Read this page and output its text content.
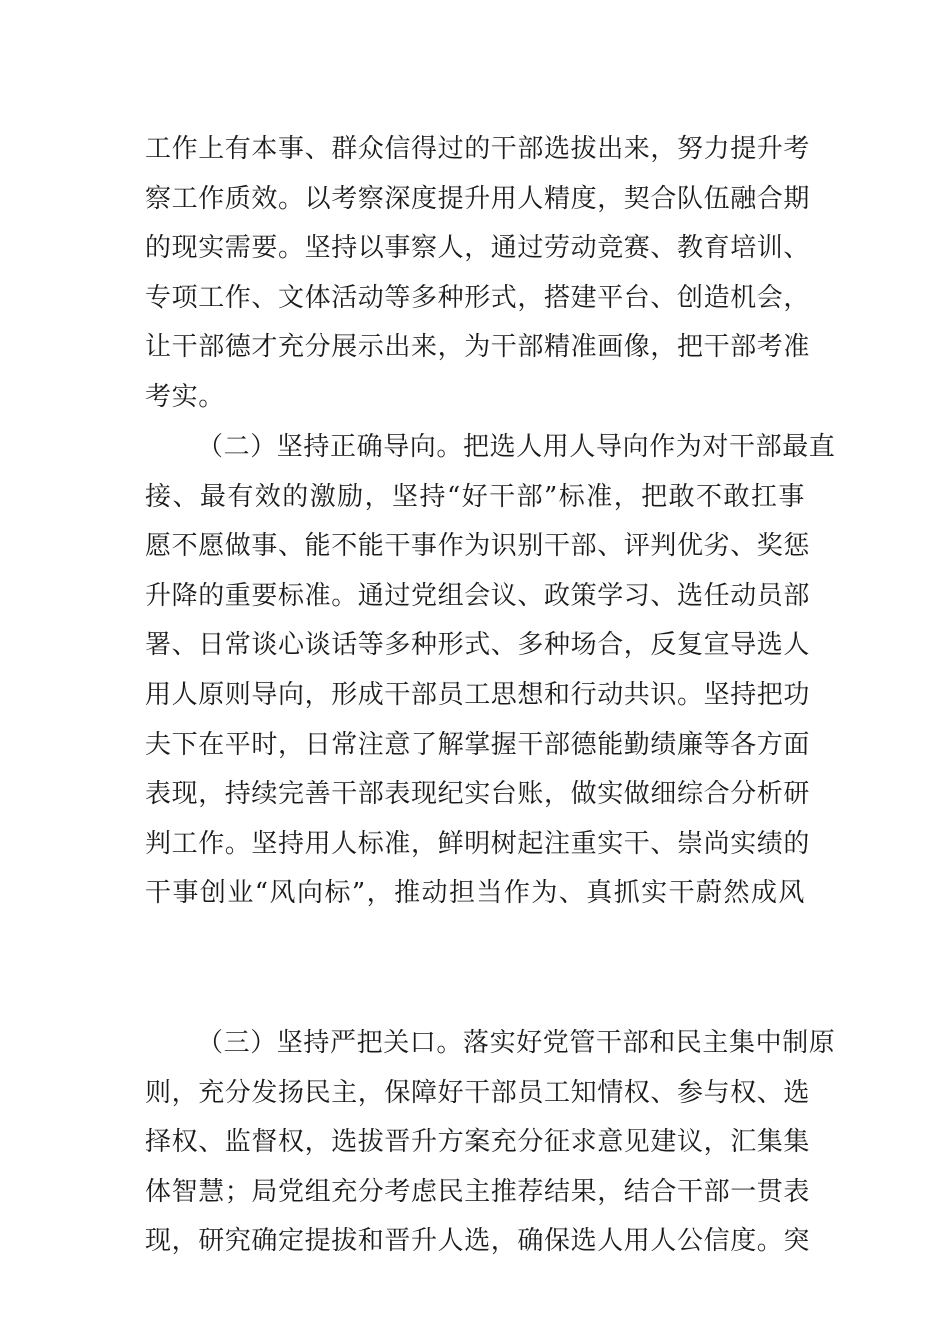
工作上有本事、群众信得过的干部选拔出来，努力提升考
察工作质效。以考察深度提升用人精度，契合队伍融合期
的现实需要。坚持以事察人，通过劳动竞赛、教育培训、
专项工作、文体活动等多种形式，搭建平台、创造机会，
让干部德才充分展示出来，为干部精准画像，把干部考准
考实。
（二）坚持正确导向。把选人用人导向作为对干部最直
接、最有效的激励，坚持“好干部”标准，把敢不敢扛事
愿不愿做事、能不能干事作为识别干部、评判优劣、奖惩
升降的重要标准。通过党组会议、政策学习、选任动员部
署、日常谈心谈话等多种形式、多种场合，反复宣导选人
用人原则导向，形成干部员工思想和行动共识。坚持把功
夫下在平时，日常注意了解掌握干部德能勤绩廉等各方面
表现，持续完善干部表现纪实台账，做实做细综合分析研
判工作。坚持用人标准，鲜明树起注重实干、崇尚实绩的
干事创业“风向标”，推动担当作为、真抓实干蔚然成风
（三）坚持严把关口。落实好党管干部和民主集中制原
则，充分发扬民主，保障好干部员工知情权、参与权、选
择权、监督权，选拔晋升方案充分征求意见建议，汇集集
体智慧；局党组充分考虑民主推荐结果，结合干部一贯表
现，研究确定提拔和晋升人选，确保选人用人公信度。突
